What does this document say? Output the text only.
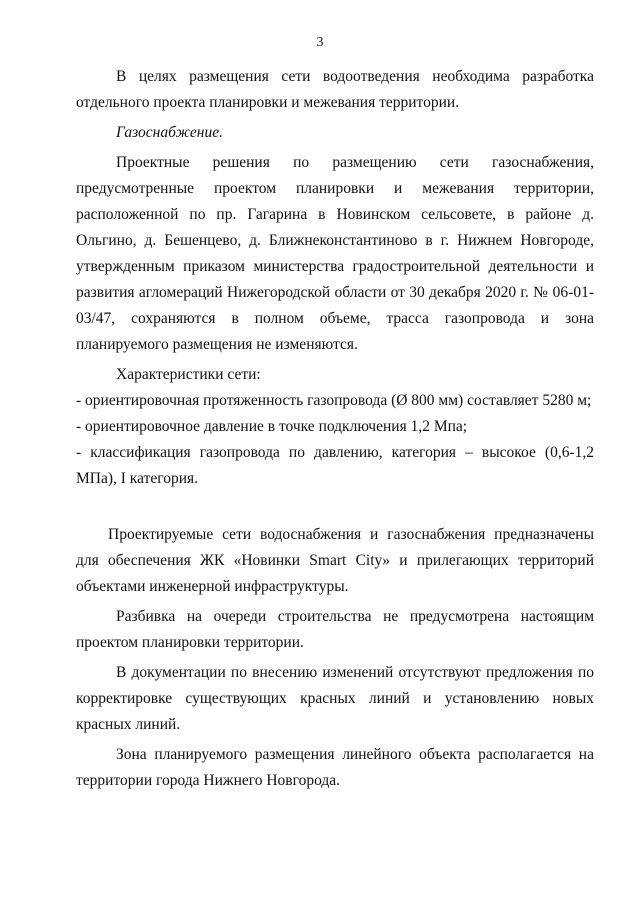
3

В целях размещения сети водоотведения необходима разработка отдельного проекта планировки и межевания территории.

Газоснабжение.

Проектные решения по размещению сети газоснабжения, предусмотренные проектом планировки и межевания территории, расположенной по пр. Гагарина в Новинском сельсовете, в районе д. Ольгино, д. Бешенцево, д. Ближнеконстантиново в г. Нижнем Новгороде, утвержденным приказом министерства градостроительной деятельности и развития агломераций Нижегородской области от 30 декабря 2020 г. № 06-01-03/47, сохраняются в полном объеме, трасса газопровода и зона планируемого размещения не изменяются.

Характеристики сети:

- ориентировочная протяженность газопровода (Ø 800 мм) составляет 5280 м;

- ориентировочное давление в точке подключения 1,2 Мпа;

- классификация газопровода по давлению, категория – высокое (0,6-1,2 МПа), I категория.

Проектируемые сети водоснабжения и газоснабжения предназначены для обеспечения ЖК «Новинки Smart City» и прилегающих территорий объектами инженерной инфраструктуры.

Разбивка на очереди строительства не предусмотрена настоящим проектом планировки территории.

В документации по внесению изменений отсутствуют предложения по корректировке существующих красных линий и установлению новых красных линий.

Зона планируемого размещения линейного объекта располагается на территории города Нижнего Новгорода.
